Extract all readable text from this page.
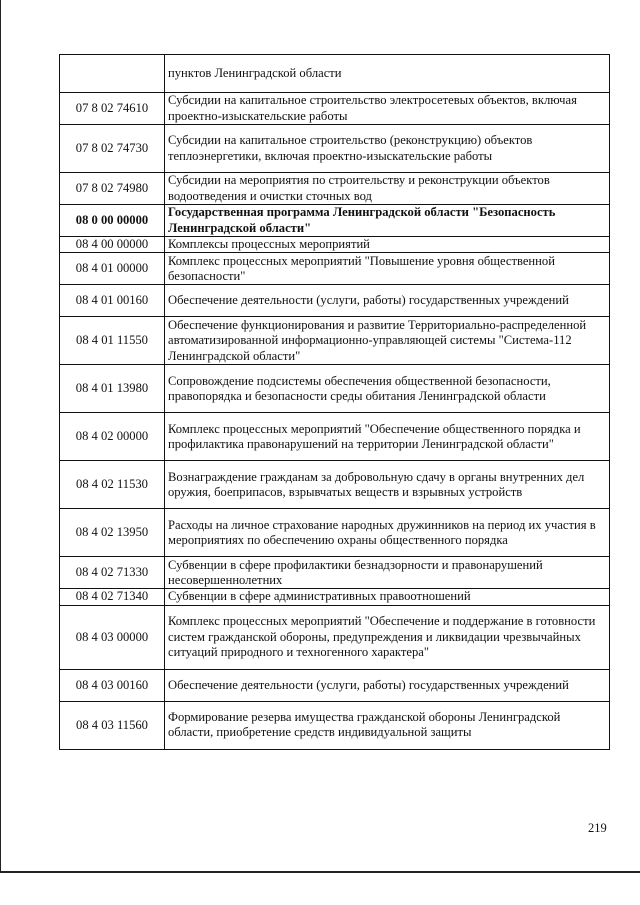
	пунктов Ленинградской области
07 8 02 74610	Субсидии на капитальное строительство электросетевых объектов, включая проектно-изыскательские работы
07 8 02 74730	Субсидии на капитальное строительство (реконструкцию) объектов теплоэнергетики, включая проектно-изыскательские работы
07 8 02 74980	Субсидии на мероприятия по строительству и реконструкции объектов водоотведения и очистки сточных вод
08 0 00 00000	Государственная программа Ленинградской области "Безопасность Ленинградской области"
08 4 00 00000	Комплексы процессных мероприятий
08 4 01 00000	Комплекс процессных мероприятий "Повышение уровня общественной безопасности"
08 4 01 00160	Обеспечение деятельности (услуги, работы) государственных учреждений
08 4 01 11550	Обеспечение функционирования и развитие Территориально-распределенной автоматизированной информационно-управляющей системы "Система-112 Ленинградской области"
08 4 01 13980	Сопровождение подсистемы обеспечения общественной безопасности, правопорядка и безопасности среды обитания Ленинградской области
08 4 02 00000	Комплекс процессных мероприятий "Обеспечение общественного порядка и профилактика правонарушений на территории Ленинградской области"
08 4 02 11530	Вознаграждение гражданам за добровольную сдачу в органы внутренних дел оружия, боеприпасов, взрывчатых веществ и взрывных устройств
08 4 02 13950	Расходы на личное страхование народных дружинников на период их участия в мероприятиях по обеспечению охраны общественного порядка
08 4 02 71330	Субвенции в сфере профилактики безнадзорности и правонарушений несовершеннолетних
08 4 02 71340	Субвенции в сфере административных правоотношений
08 4 03 00000	Комплекс процессных мероприятий "Обеспечение и поддержание в готовности систем гражданской обороны, предупреждения и ликвидации чрезвычайных ситуаций природного и техногенного характера"
08 4 03 00160	Обеспечение деятельности (услуги, работы) государственных учреждений
08 4 03 11560	Формирование резерва имущества гражданской обороны Ленинградской области, приобретение средств индивидуальной защиты
219
